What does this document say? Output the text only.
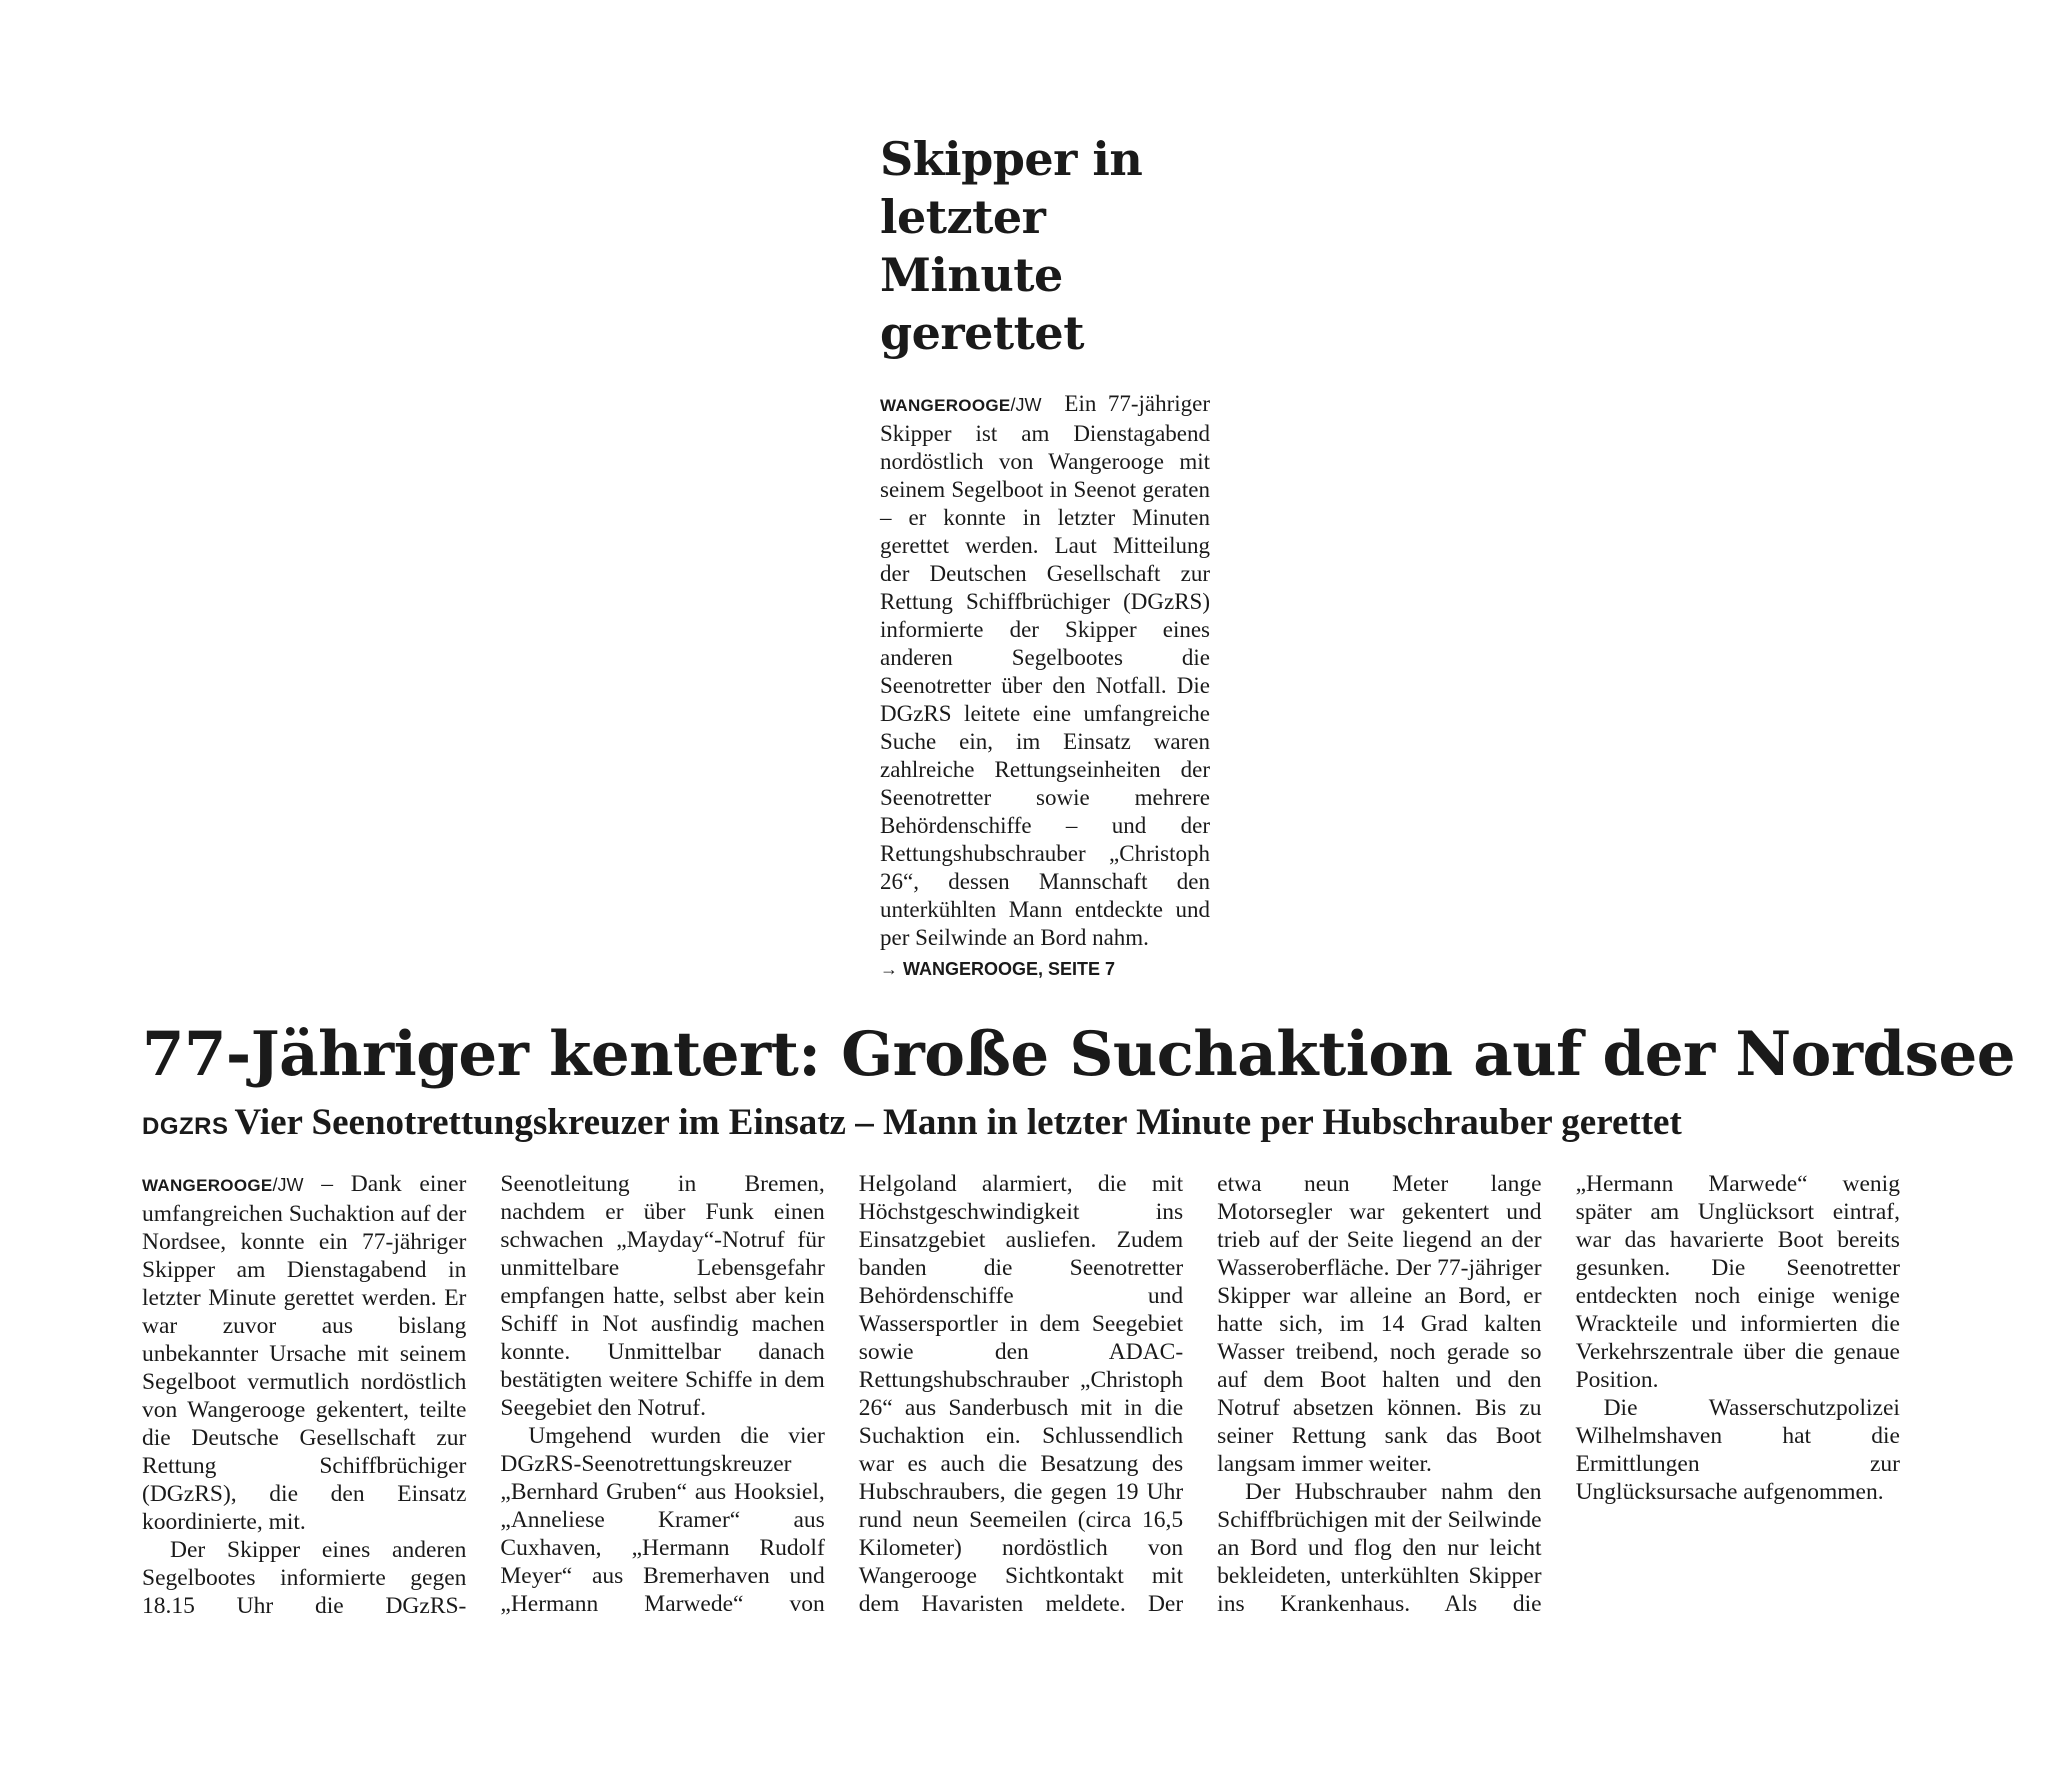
Skipper in letzter Minute gerettet

WANGEROOGE/JW Ein 77-jähriger Skipper ist am Dienstagabend nordöstlich von Wangerooge mit seinem Segelboot in Seenot geraten – er konnte in letzter Minuten gerettet werden. Laut Mitteilung der Deutschen Gesellschaft zur Rettung Schiffbrüchiger (DGzRS) informierte der Skipper eines anderen Segelbootes die Seenotretter über den Notfall. Die DGzRS leitete eine umfangreiche Suche ein, im Einsatz waren zahlreiche Rettungseinheiten der Seenotretter sowie mehrere Behördenschiffe – und der Rettungshubschrauber „Christoph 26“, dessen Mannschaft den unterkühlten Mann entdeckte und per Seilwinde an Bord nahm.

→ WANGEROOGE, SEITE 7
77-Jähriger kentert: Große Suchaktion auf der Nordsee
DGZRS Vier Seenotrettungskreuzer im Einsatz – Mann in letzter Minute per Hubschrauber gerettet

WANGEROOGE/JW – Dank einer umfangreichen Suchaktion auf der Nordsee, konnte ein 77-jähriger Skipper am Dienstagabend in letzter Minute gerettet werden. Er war zuvor aus bislang unbekannter Ursache mit seinem Segelboot vermutlich nordöstlich von Wangerooge gekentert, teilte die Deutsche Gesellschaft zur Rettung Schiffbrüchiger (DGzRS), die den Einsatz koordinierte, mit.

Der Skipper eines anderen Segelbootes informierte gegen 18.15 Uhr die DGzRS-Seenotleitung in Bremen, nachdem er über Funk einen schwachen „Mayday“-Notruf für unmittelbare Lebensgefahr empfangen hatte, selbst aber kein Schiff in Not ausfindig machen konnte. Unmittelbar danach bestätigten weitere Schiffe in dem Seegebiet den Notruf.

Umgehend wurden die vier DGzRS-Seenotrettungskreuzer „Bernhard Gruben“ aus Hooksiel, „Anneliese Kramer“ aus Cuxhaven, „Hermann Rudolf Meyer“ aus Bremerhaven und „Hermann Marwede“ von Helgoland alarmiert, die mit Höchstgeschwindigkeit ins Einsatzgebiet ausliefen. Zudem banden die Seenotretter Behördenschiffe und Wassersportler in dem Seegebiet sowie den ADAC-Rettungshubschrauber „Christoph 26“ aus Sanderbusch mit in die Suchaktion ein. Schlussendlich war es auch die Besatzung des Hubschraubers, die gegen 19 Uhr rund neun Seemeilen (circa 16,5 Kilometer) nordöstlich von Wangerooge Sichtkontakt mit dem Havaristen meldete. Der etwa neun Meter lange Motorsegler war gekentert und trieb auf der Seite liegend an der Wasseroberfläche. Der 77-jähriger Skipper war alleine an Bord, er hatte sich, im 14 Grad kalten Wasser treibend, noch gerade so auf dem Boot halten und den Notruf absetzen können. Bis zu seiner Rettung sank das Boot langsam immer weiter.

Der Hubschrauber nahm den Schiffbrüchigen mit der Seilwinde an Bord und flog den nur leicht bekleideten, unterkühlten Skipper ins Krankenhaus. Als die „Hermann Marwede“ wenig später am Unglücksort eintraf, war das havarierte Boot bereits gesunken. Die Seenotretter entdeckten noch einige wenige Wrackteile und informierten die Verkehrszentrale über die genaue Position.

Die Wasserschutzpolizei Wilhelmshaven hat die Ermittlungen zur Unglücksursache aufgenommen.
